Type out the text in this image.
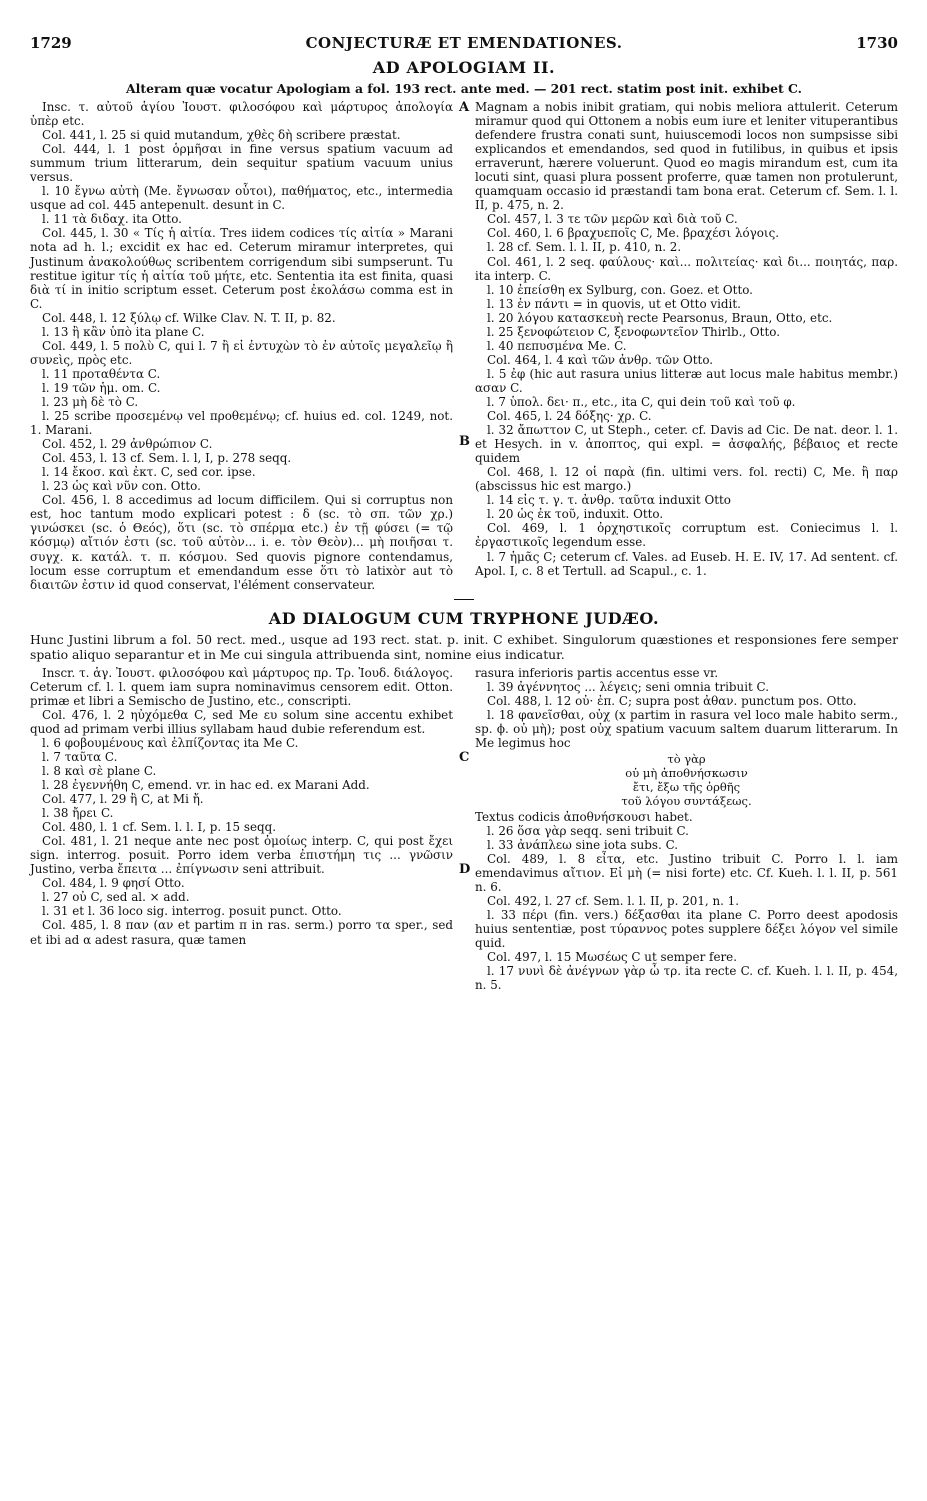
1729	CONJECTURÆ ET EMENDATIONES.	1730
AD APOLOGIAM II.
Alteram quæ vocatur Apologiam a fol. 193 rect. ante med. — 201 rect. statim post init. exhibet C.
A
B
C

Insc. τ. αὐτοῦ ἁγίου Ἰουστ. φιλοσόφου καὶ μάρτυρος ἀπολογία ὑπὲρ etc.

Col. 441, l. 25 si quid mutandum, χθὲς δὴ scribere præstat.

Col. 444, l. 1 post ὁρμῆσαι in fine versus spatium vacuum ad summum trium litterarum, dein sequitur spatium vacuum unius versus.

l. 10 ἔγνω αὐτὴ (Me. ἔγνωσαν οὗτοι), παθήματος, etc., intermedia usque ad col. 445 antepenult. desunt in C.

l. 11 τὰ διδαχ. ita Otto.

Col. 445, l. 30 « Τίς ἡ αἰτία. Tres iidem codices τίς αἰτία » Marani nota ad h. l.; excidit ex hac ed. Ceterum miramur interpretes, qui Justinum ἀνακολούθως scribentem corrigendum sibi sumpserunt. Tu restitue igitur τίς ἡ αἰτία τοῦ μήτε, etc. Sententia ita est finita, quasi διὰ τί in initio scriptum esset. Ceterum post ἐκολάσω comma est in C.

Col. 448, l. 12 ξύλῳ cf. Wilke Clav. N. T. II, p. 82.

l. 13 ἢ κἂν ὑπὸ ita plane C.

Col. 449, l. 5 πολὺ C, qui l. 7 ἢ εἰ ἐντυχὼν τὸ ἐν αὐτοῖς μεγαλεῖῳ ἢ συνεὶς, πρὸς etc.

l. 11 προταθέντα C.

l. 19 τῶν ἡμ. om. C.

l. 23 μὴ δὲ τὸ C.

l. 25 scribe προσεμένῳ vel προθεμένῳ; cf. huius ed. col. 1249, not. 1. Marani.

Col. 452, l. 29 ἀνθρώπιον C.

Col. 453, l. 13 cf. Sem. l. l, I, p. 278 seqq.

l. 14 ἔκοσ. καὶ ἐκτ. C, sed cor. ipse.

l. 23 ὡς καὶ νῦν con. Otto.

Col. 456, l. 8 accedimus ad locum difficilem. Qui si corruptus non est, hoc tantum modo explicari potest : δ (sc. τὸ σπ. τῶν χρ.) γινώσκει (sc. ὁ Θεός), ὅτι (sc. τὸ σπέρμα etc.) ἐν τῇ φύσει (= τῷ κόσμῳ) αἴτιόν ἐστι (sc. τοῦ αὐτὸν... i. e. τὸν Θεὸν)... μὴ ποιῆσαι τ. συγχ. κ. κατάλ. τ. π. κόσμου. Sed quovis pignore contendamus, locum esse corruptum et emendandum esse ὅτι τὸ latixòr aut τὸ διαιτῶν ἐστιν id quod conservat, l'élément conservateur.

Magnam a nobis inibit gratiam, qui nobis meliora attulerit. Ceterum miramur quod qui Ottonem a nobis eum iure et leniter vituperantibus defendere frustra conati sunt, huiuscemodi locos non sumpsisse sibi explicandos et emendandos, sed quod in futilibus, in quibus et ipsis erraverunt, hærere voluerunt. Quod eo magis mirandum est, cum ita locuti sint, quasi plura possent proferre, quæ tamen non protulerunt, quamquam occasio id præstandi tam bona erat. Ceterum cf. Sem. l. l. II, p. 475, n. 2.

Col. 457, l. 3 τε τῶν μερῶν καὶ διὰ τοῦ C.

Col. 460, l. 6 βραχυεποῖς C, Me. βραχέσι λόγοις.

l. 28 cf. Sem. l. l. II, p. 410, n. 2.

Col. 461, l. 2 seq. φαύλους· καὶ... πολιτείας· καὶ δι... ποιητάς, παρ. ita interp. C.

l. 10 ἐπείσθη ex Sylburg, con. Goez. et Otto.

l. 13 ἐν πάντι = in quovis, ut et Otto vidit.

l. 20 λόγου κατασκευὴ recte Pearsonus, Braun, Otto, etc.

l. 25 ξενοφώτειον C, ξενοφωντεῖον Thirlb., Otto.

l. 40 πεπυσμένα Me. C.

Col. 464, l. 4 καὶ τῶν ἀνθρ. τῶν Otto.

l. 5 ἐφ (hic aut rasura unius litteræ aut locus male habitus membr.) ασαν C.

l. 7 ὑπολ. δει· π., etc., ita C, qui dein τοῦ καὶ τοῦ φ.

Col. 465, l. 24 δόξης· χρ. C.

l. 32 ἄπωττον C, ut Steph., ceter. cf. Davis ad Cic. De nat. deor. l. 1. et Hesych. in v. ἀποπτος, qui expl. = ἀσφαλής, βέβαιος et recte quidem

Col. 468, l. 12 οἱ παρὰ (fin. ultimi vers. fol. recti) C, Me. ἢ παρ (abscissus hic est margo.)

l. 14 εἰς τ. γ. τ. ἀνθρ. ταῦτα induxit Otto

l. 20 ὡς ἐκ τοῦ, induxit. Otto.

Col. 469, l. 1 ὀρχηστικοῖς corruptum est. Coniecimus l. l. ἐργαστικοῖς legendum esse.

l. 7 ἡμᾶς C; ceterum cf. Vales. ad Euseb. H. E. IV, 17. Ad sentent. cf. Apol. I, c. 8 et Tertull. ad Scapul., c. 1.

AD DIALOGUM CUM TRYPHONE JUDÆO.
Hunc Justini librum a fol. 50 rect. med., usque ad 193 rect. stat. p. init. C exhibet. Singulorum quæstiones et responsiones fere semper spatio aliquo separantur et in Me cui singula attribuenda sint, nomine eius indicatur.
D

Inscr. τ. ἁγ. Ἰουστ. φιλοσόφου καὶ μάρτυρος πρ. Τρ. Ἰουδ. διάλογος. Ceterum cf. l. l. quem iam supra nominavimus censorem edit. Otton. primæ et libri a Semischo de Justino, etc., conscripti.

Col. 476, l. 2 ηὐχόμεθα C, sed Me ευ solum sine accentu exhibet quod ad primam verbi illius syllabam haud dubie referendum est.

l. 6 φοβουμένους καὶ ἐλπίζοντας ita Me C.

l. 7 ταῦτα C.

l. 8 καὶ σὲ plane C.

l. 28 ἐγεννήθη C, emend. vr. in hac ed. ex Marani Add.

Col. 477, l. 29 ἢ C, at Mi ἤ.

l. 38 ἤρει C.

Col. 480, l. 1 cf. Sem. l. l. I, p. 15 seqq.

Col. 481, l. 21 neque ante nec post ὁμοίως interp. C, qui post ἔχει sign. interrog. posuit. Porro idem verba ἐπιστήμη τις ... γνῶσιν Justino, verba ἔπειτα ... ἐπίγνωσιν seni attribuit.

Col. 484, l. 9 φησί Otto.

l. 27 οὐ C, sed al. × add.

l. 31 et l. 36 loco sig. interrog. posuit punct. Otto.

Col. 485, l. 8 παν (αν et partim π in ras. serm.) porro τα sper., sed et ibi ad α adest rasura, quæ tamen

rasura inferioris partis accentus esse vr.

l. 39 ἀγέννητος ... λέγεις; seni omnia tribuit C.

Col. 488, l. 12 οὐ· ἐπ. C; supra post ἀθαν. punctum pos. Otto.

l. 18 φανεῖσθαι, οὐχ (x partim in rasura vel loco male habito serm., sp. ϕ. οὐ μὴ); post οὐχ spatium vacuum saltem duarum litterarum. In Me legimus hoc

τὸ γὰρ
οὐ μὴ ἀποθνήσκωσιν
ἔτι, ἔξω τῆς ὀρθῆς
τοῦ λόγου συντάξεως.

Textus codicis ἀποθνήσκουσι habet.

l. 26 ὅσα γὰρ seqq. seni tribuit C.

l. 33 ἀνάπλεω sine iota subs. C.

Col. 489, l. 8 εἶτα, etc. Justino tribuit C. Porro l. l. iam emendavimus αἴτιον. Εἰ μὴ (= nisi forte) etc. Cf. Kueh. l. l. II, p. 561 n. 6.

Col. 492, l. 27 cf. Sem. l. l. II, p. 201, n. 1.

l. 33 πέρι (fin. vers.) δέξασθαι ita plane C. Porro deest apodosis huius sententiæ, post τύραννος potes supplere δέξει λόγον vel simile quid.

Col. 497, l. 15 Μωσέως C ut semper fere.

l. 17 νυνὶ δὲ ἀνέγνων γὰρ ὦ τρ. ita recte C. cf. Kueh. l. l. II, p. 454, n. 5.
